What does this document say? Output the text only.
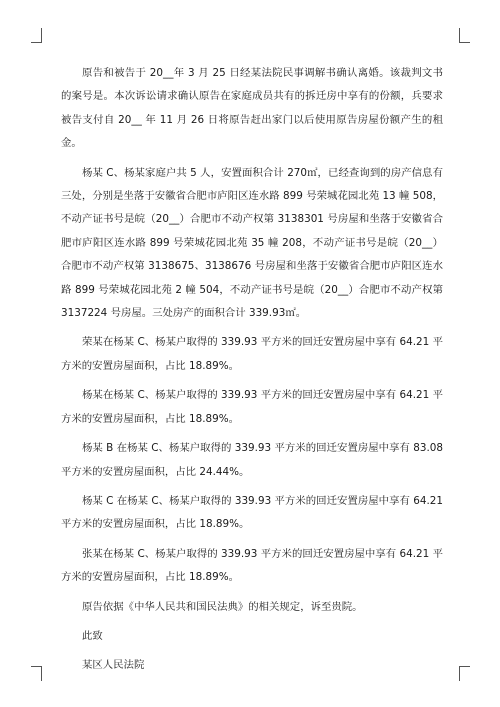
原告和被告于 20__年 3 月 25 日经某法院民事调解书确认离婚。该裁判文书的案号是。本次诉讼请求确认原告在家庭成员共有的拆迁房中享有的份额，兵要求被告支付自 20__ 年 11 月 26 日将原告赶出家门以后使用原告房屋份额产生的租金。

杨某 C、杨某家庭户共 5 人，安置面积合计 270㎡，已经查询到的房产信息有三处，分别是坐落于安徽省合肥市庐阳区连水路 899 号荣城花园北苑 13 幢 508，不动产证书号是皖（20__）合肥市不动产权第 3138301 号房屋和坐落于安徽省合肥市庐阳区连水路 899 号荣城花园北苑 35 幢 208，不动产证书号是皖（20__）合肥市不动产权第 3138675、3138676 号房屋和坐落于安徽省合肥市庐阳区连水路 899 号荣城花园北苑 2 幢 504，不动产证书号是皖（20__）合肥市不动产权第 3137224 号房屋。三处房产的面积合计 339.93㎡。

荣某在杨某 C、杨某户取得的 339.93 平方米的回迁安置房屋中享有 64.21 平方米的安置房屋面积，占比 18.89%。

杨某在杨某 C、杨某户取得的 339.93 平方米的回迁安置房屋中享有 64.21 平方米的安置房屋面积，占比 18.89%。

杨某 B 在杨某 C、杨某户取得的 339.93 平方米的回迁安置房屋中享有 83.08 平方米的安置房屋面积，占比 24.44%。

杨某 C 在杨某 C、杨某户取得的 339.93 平方米的回迁安置房屋中享有 64.21 平方米的安置房屋面积，占比 18.89%。

张某在杨某 C、杨某户取得的 339.93 平方米的回迁安置房屋中享有 64.21 平方米的安置房屋面积，占比 18.89%。

原告依据《中华人民共和国民法典》的相关规定，诉至贵院。

此致

某区人民法院
